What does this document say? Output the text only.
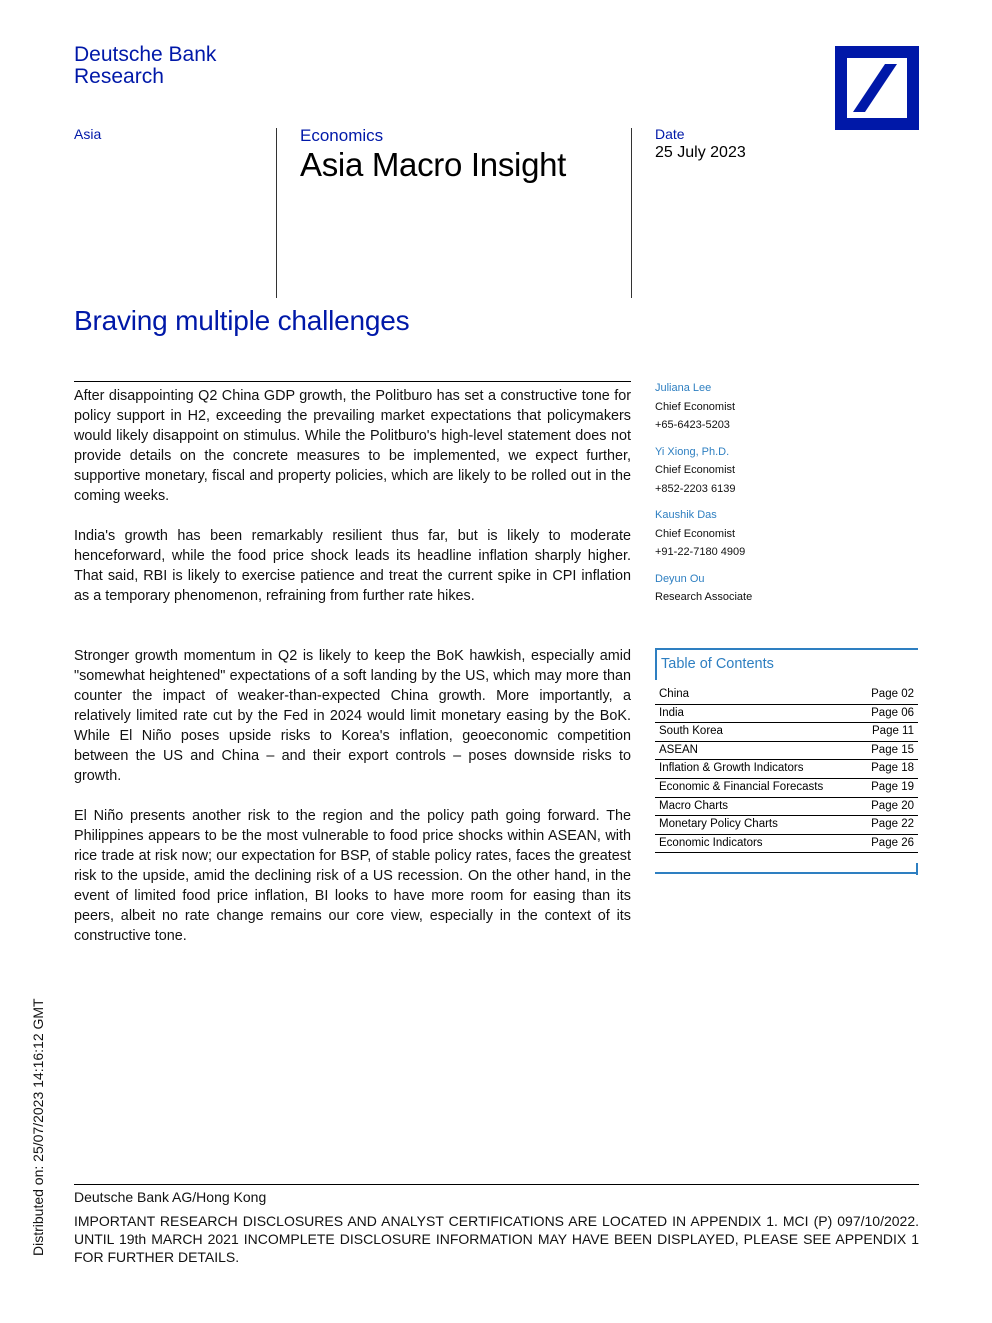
Deutsche Bank
Research
Asia	Economics
Asia Macro Insight
Date
25 July 2023
Braving multiple challenges

After disappointing Q2 China GDP growth, the Politburo has set a constructive tone for policy support in H2, exceeding the prevailing market expectations that policymakers would likely disappoint on stimulus. While the Politburo's high-level statement does not provide details on the concrete measures to be implemented, we expect further, supportive monetary, fiscal and property policies, which are likely to be rolled out in the coming weeks.

India's growth has been remarkably resilient thus far, but is likely to moderate henceforward, while the food price shock leads its headline inflation sharply higher. That said, RBI is likely to exercise patience and treat the current spike in CPI inflation as a temporary phenomenon, refraining from further rate hikes.

Stronger growth momentum in Q2 is likely to keep the BoK hawkish, especially amid "somewhat heightened" expectations of a soft landing by the US, which may more than counter the impact of weaker-than-expected China growth. More importantly, a relatively limited rate cut by the Fed in 2024 would limit monetary easing by the BoK. While El Niño poses upside risks to Korea's inflation, geoeconomic competition between the US and China – and their export controls – poses downside risks to growth.

El Niño presents another risk to the region and the policy path going forward. The Philippines appears to be the most vulnerable to food price shocks within ASEAN, with rice trade at risk now; our expectation for BSP, of stable policy rates, faces the greatest risk to the upside, amid the declining risk of a US recession. On the other hand, in the event of limited food price inflation, BI looks to have more room for easing than its peers, albeit no rate change remains our core view, especially in the context of its constructive tone.

Juliana Lee
Chief Economist
+65-6423-5203
Yi Xiong, Ph.D.
Chief Economist
+852-2203 6139
Kaushik Das
Chief Economist
+91-22-7180 4909
Deyun Ou
Research Associate
Table of Contents
China	Page 02
India	Page 06
South Korea	Page 11
ASEAN	Page 15
Inflation & Growth Indicators	Page 18
Economic & Financial Forecasts	Page 19
Macro Charts	Page 20
Monetary Policy Charts	Page 22
Economic Indicators	Page 26
Distributed on: 25/07/2023 14:16:12 GMT Deutsche Bank AG/Hong Kong
IMPORTANT RESEARCH DISCLOSURES AND ANALYST CERTIFICATIONS ARE LOCATED IN APPENDIX 1. MCI (P) 097/10/2022. UNTIL 19th MARCH 2021 INCOMPLETE DISCLOSURE INFORMATION MAY HAVE BEEN DISPLAYED, PLEASE SEE APPENDIX 1 FOR FURTHER DETAILS.
